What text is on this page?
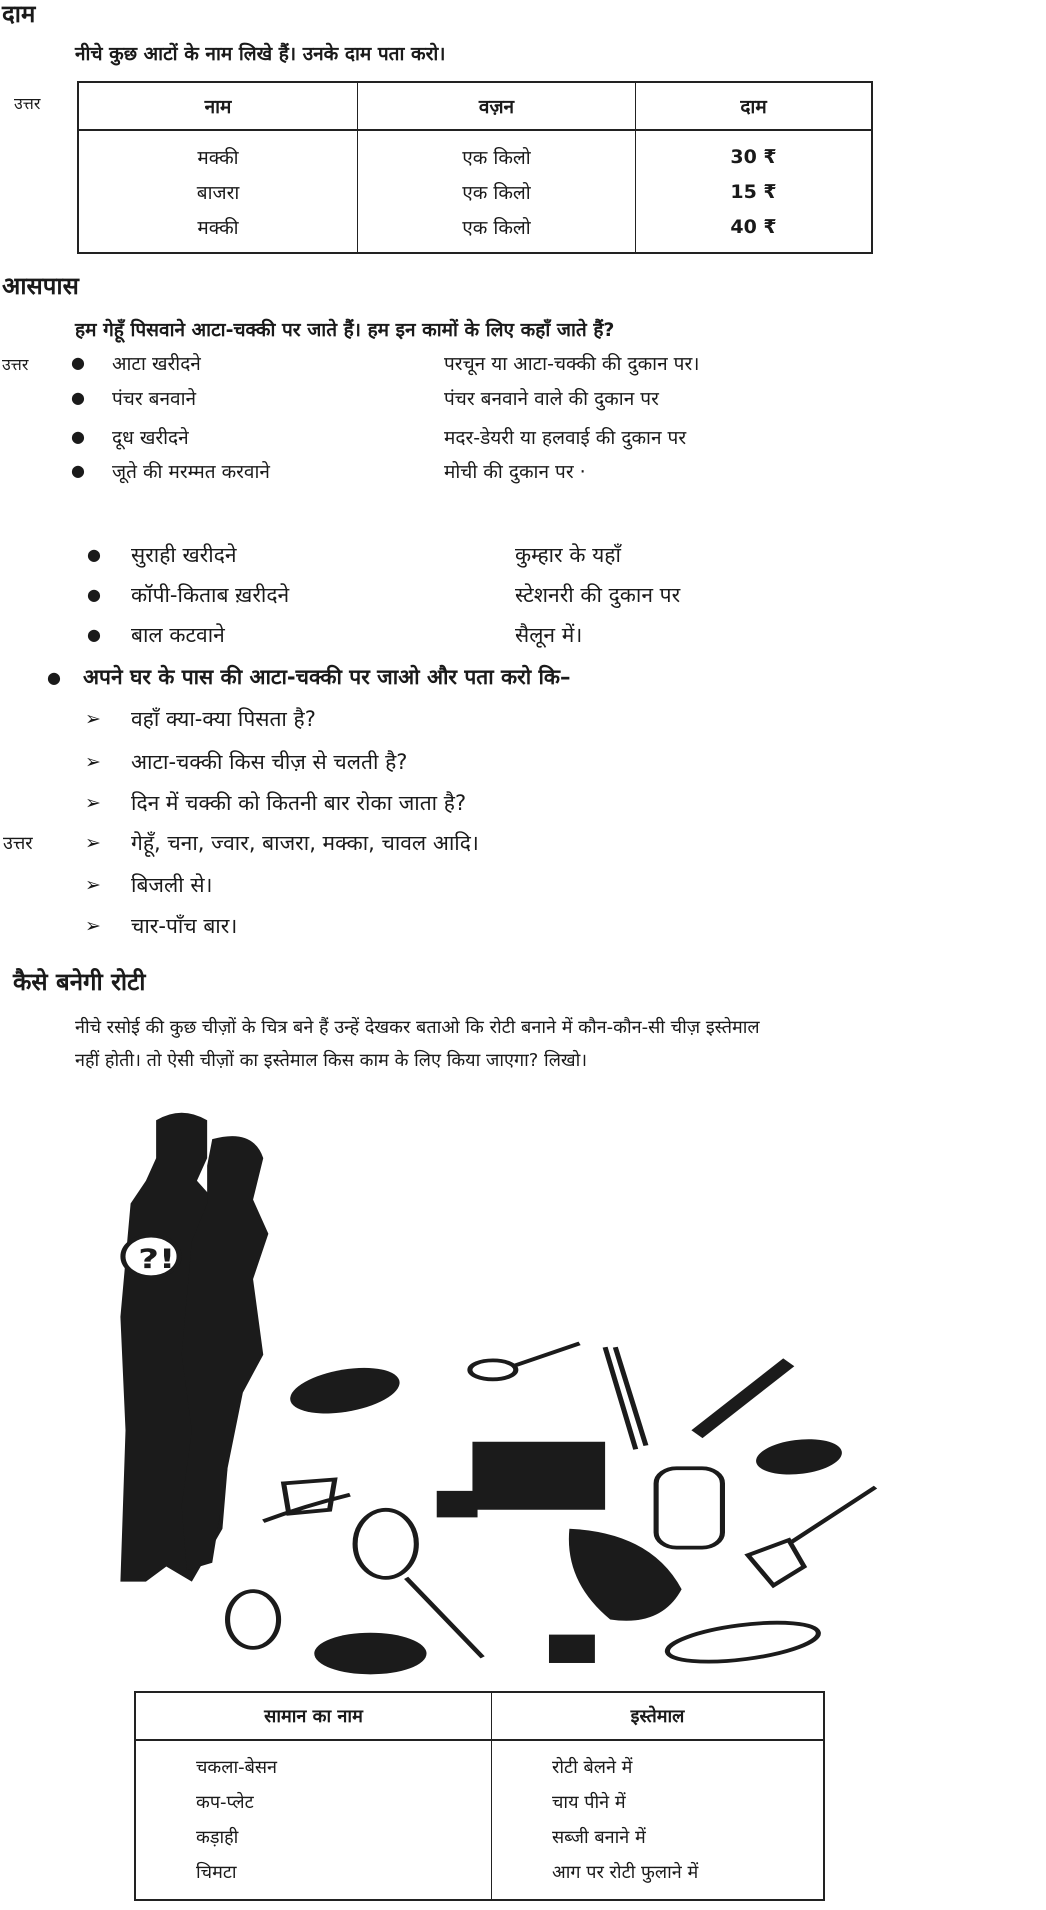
दाम
नीचे कुछ आटों के नाम लिखे हैं। उनके दाम पता करो।
उत्तर	नाम	वज़न	दाम
मक्की	एक किलो	30 ₹
बाजरा	एक किलो	15 ₹
मक्की	एक किलो	40 ₹
आसपास
हम गेहूँ पिसवाने आटा-चक्की पर जाते हैं। हम इन कामों के लिए कहाँ जाते हैं?
उत्तर	● आटा खरीदने	परचून या आटा-चक्की की दुकान पर।
● पंचर बनवाने	पंचर बनवाने वाले की दुकान पर
● दूध खरीदने	मदर-डेयरी या हलवाई की दुकान पर
● जूते की मरम्मत करवाने	मोची की दुकान पर ·
● सुराही खरीदने	कुम्हार के यहाँ
● कॉपी-किताब ख़रीदने	स्टेशनरी की दुकान पर
● बाल कटवाने	सैलून में।
● अपने घर के पास की आटा-चक्की पर जाओ और पता करो कि–
➢ वहाँ क्या-क्या पिसता है?
➢ आटा-चक्की किस चीज़ से चलती है?
➢ दिन में चक्की को कितनी बार रोका जाता है?
उत्तर	➢ गेहूँ, चना, ज्वार, बाजरा, मक्का, चावल आदि।
➢ बिजली से।
➢ चार-पाँच बार।
कैसे बनेगी रोटी
नीचे रसोई की कुछ चीज़ों के चित्र बने हैं उन्हें देखकर बताओ कि रोटी बनाने में कौन-कौन-सी चीज़ इस्तेमाल
नहीं होती। तो ऐसी चीज़ों का इस्तेमाल किस काम के लिए किया जाएगा? लिखो।
?!
सामान का नाम	इस्तेमाल
चकला-बेसन	रोटी बेलने में
कप-प्लेट	चाय पीने में
कड़ाही	सब्जी बनाने में
चिमटा	आग पर रोटी फुलाने में
